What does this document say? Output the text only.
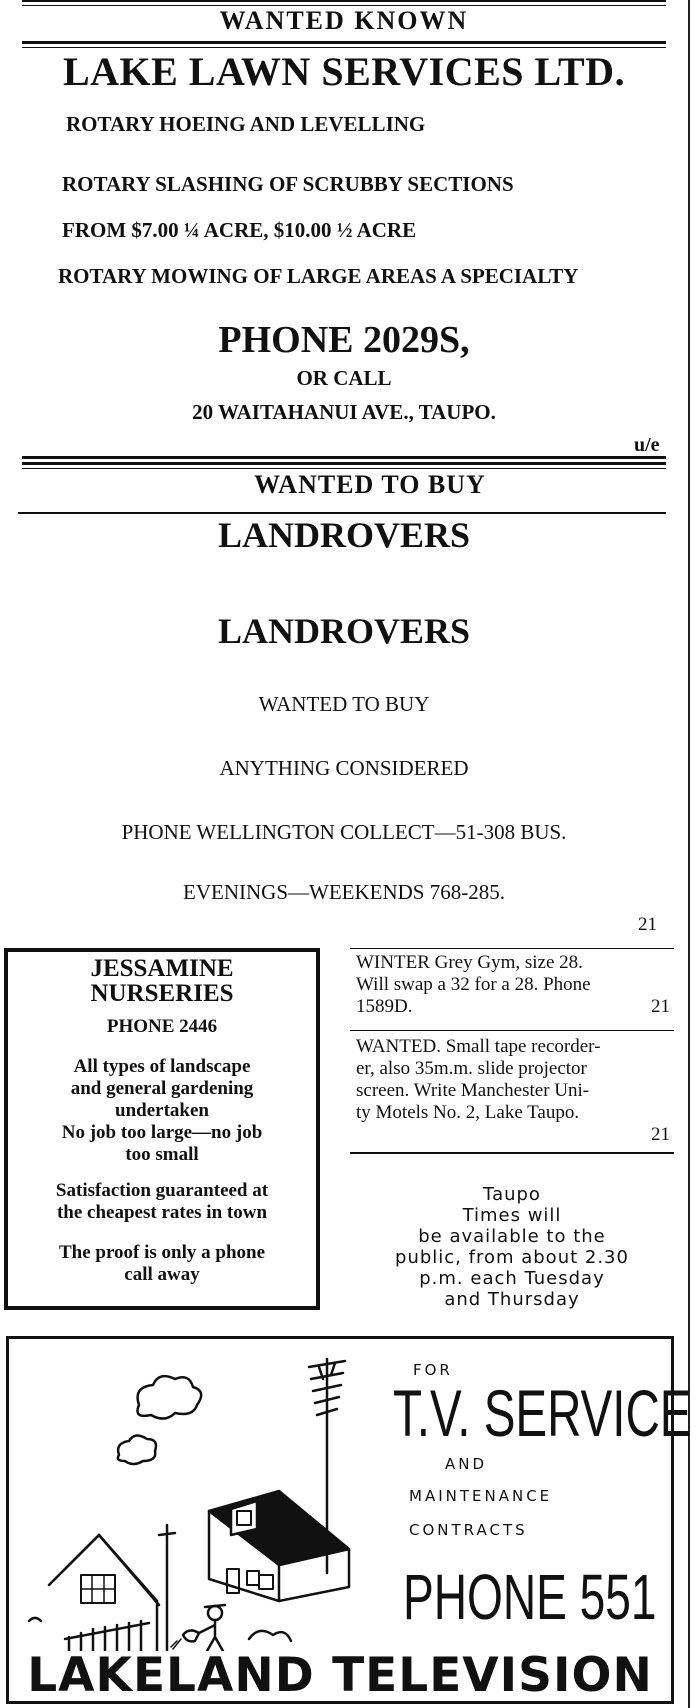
WANTED KNOWN
LAKE LAWN SERVICES LTD.
ROTARY HOEING AND LEVELLING
ROTARY SLASHING OF SCRUBBY SECTIONS
FROM $7.00 ¼ ACRE, $10.00 ½ ACRE
ROTARY MOWING OF LARGE AREAS A SPECIALTY
PHONE 2029S,
OR CALL
20 WAITAHANUI AVE., TAUPO.
u/e
WANTED TO BUY
LANDROVERS
LANDROVERS
WANTED TO BUY
ANYTHING CONSIDERED
PHONE WELLINGTON COLLECT—51-308 BUS.
EVENINGS—WEEKENDS 768-285.
21
JESSAMINE
NURSERIES
PHONE 2446
All types of landscape
and general gardening
undertaken
No job too large—no job
too small
Satisfaction guaranteed at
the cheapest rates in town
The proof is only a phone
call away
WINTER Grey Gym, size 28.
Will swap a 32 for a 28. Phone
1589D.	21
WANTED. Small tape recorder-
er, also 35m.m. slide projector
screen. Write Manchester Uni-
ty Motels No. 2, Lake Taupo.
21
Taupo
Times will
be available to the
public, from about 2.30
p.m. each Tuesday
and Thursday
FOR
T.V. SERVICE
AND
MAINTENANCE
CONTRACTS
PHONE 551
LAKELAND TELEVISION
